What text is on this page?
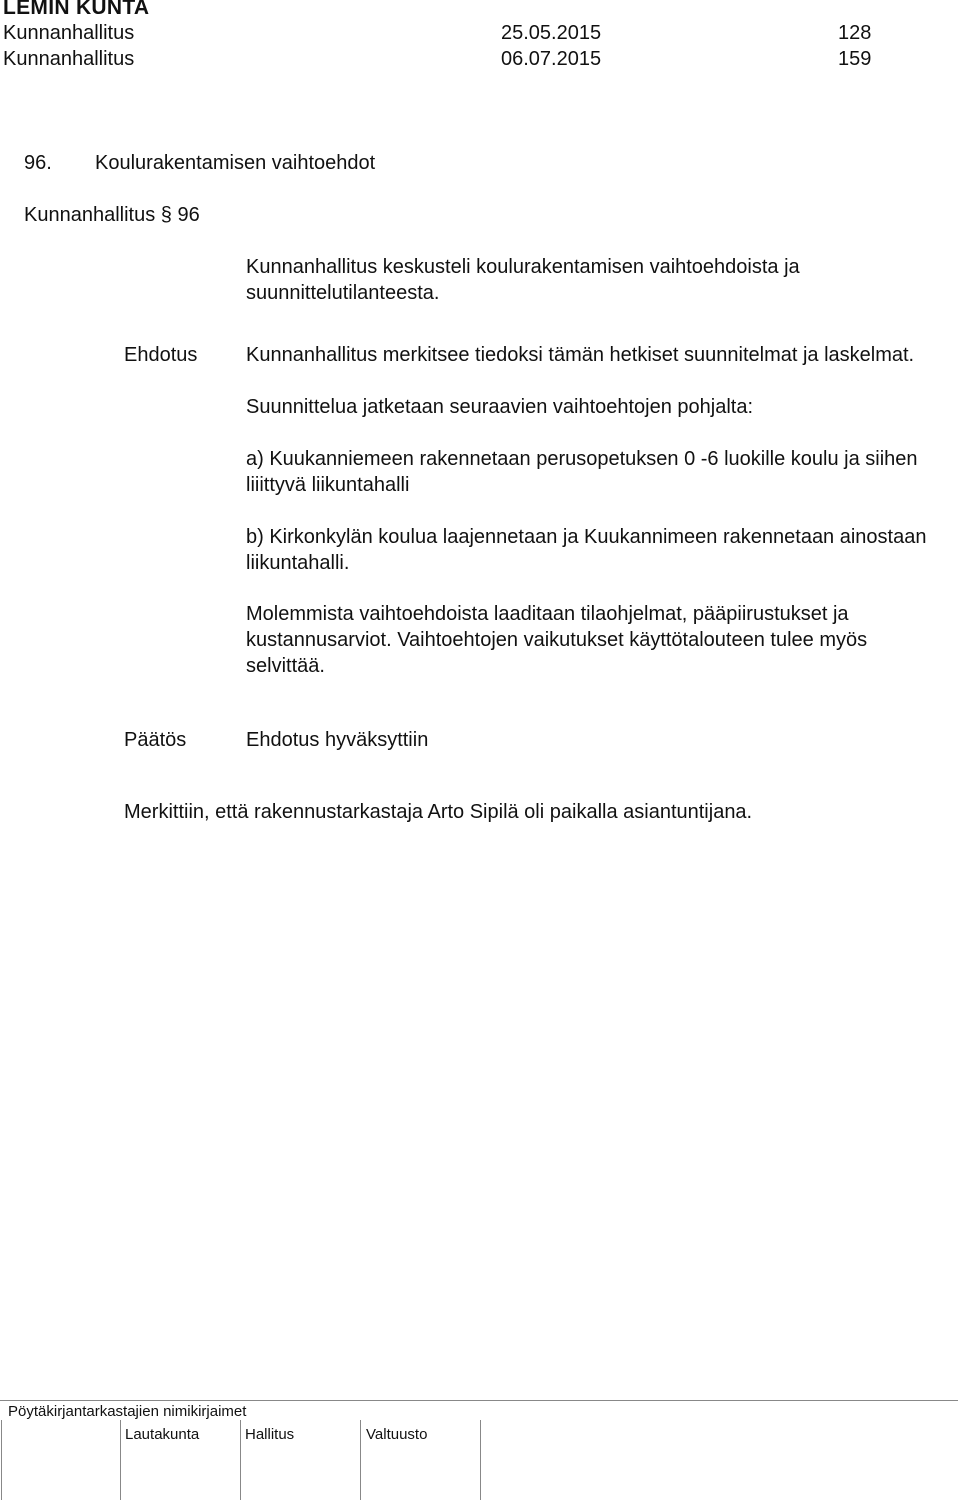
LEMIN KUNTA
Kunnanhallitus	25.05.2015	128
Kunnanhallitus	06.07.2015	159
96. Koulurakentamisen vaihtoehdot
Kunnanhallitus § 96
Kunnanhallitus keskusteli koulurakentamisen vaihtoehdoista ja suunnittelutilanteesta.
Ehdotus Kunnanhallitus merkitsee tiedoksi tämän hetkiset suunnitelmat ja laskelmat.
Suunnittelua jatketaan seuraavien vaihtoehtojen pohjalta:
a) Kuukanniemeen rakennetaan perusopetuksen 0 -6 luokille koulu ja siihen liiittyvä liikuntahalli
b) Kirkonkylän koulua laajennetaan ja Kuukannimeen rakennetaan ainostaan liikuntahalli.
Molemmista vaihtoehdoista laaditaan tilaohjelmat, pääpiirustukset ja kustannusarviot. Vaihtoehtojen vaikutukset käyttötalouteen tulee myös selvittää.
Päätös	Ehdotus hyväksyttiin
Merkittiin, että rakennustarkastaja Arto Sipilä oli paikalla asiantuntijana.
Pöytäkirjantarkastajien nimikirjaimet
Lautakunta	Hallitus	Valtuusto
